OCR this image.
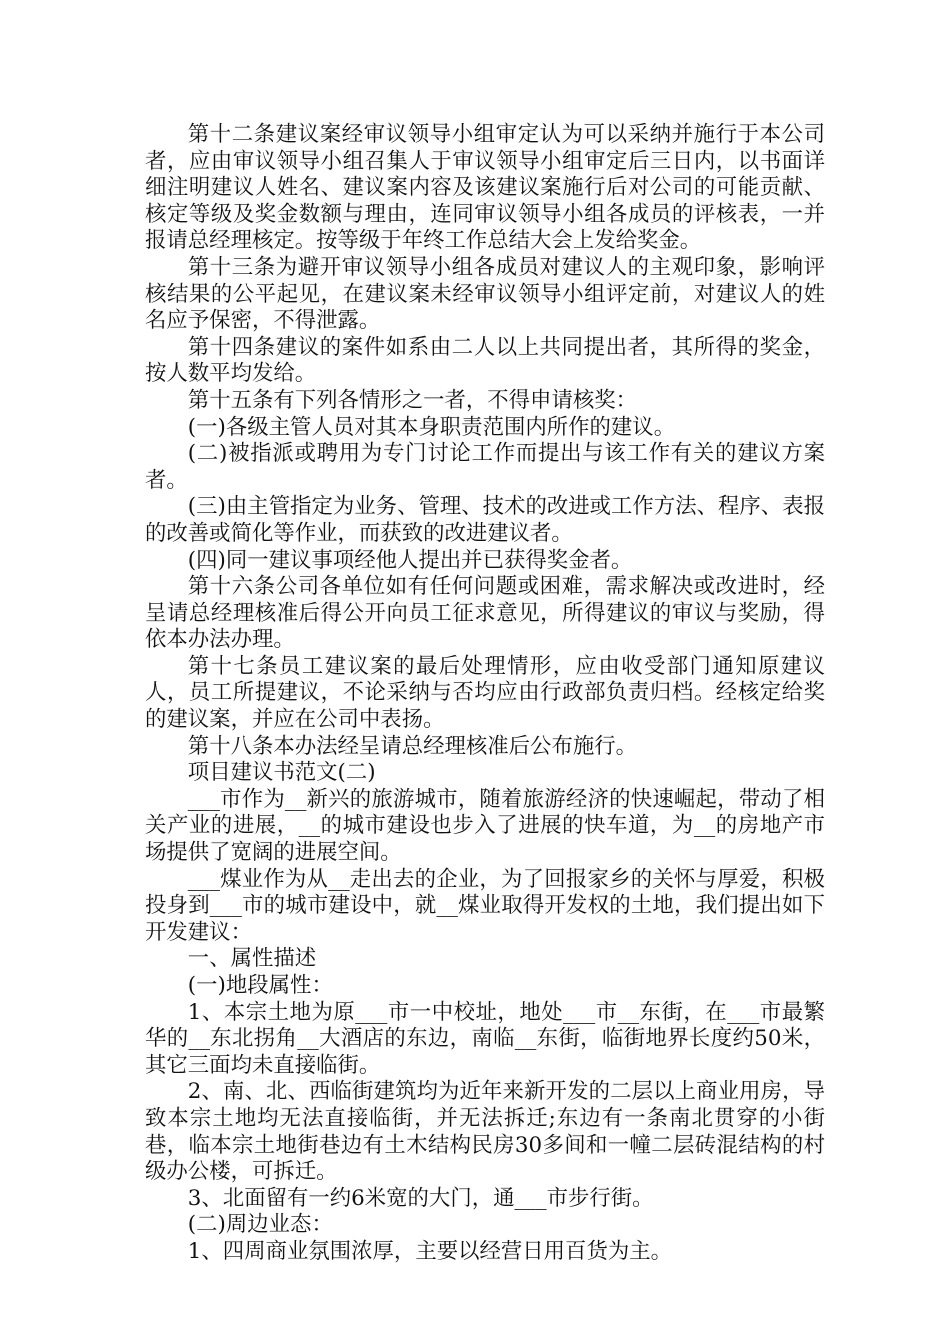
第十二条建议案经审议领导小组审定认为可以采纳并施行于本公司者，应由审议领导小组召集人于审议领导小组审定后三日内，以书面详细注明建议人姓名、建议案内容及该建议案施行后对公司的可能贡献、核定等级及奖金数额与理由，连同审议领导小组各成员的评核表，一并报请总经理核定。按等级于年终工作总结大会上发给奖金。

第十三条为避开审议领导小组各成员对建议人的主观印象，影响评核结果的公平起见，在建议案未经审议领导小组评定前，对建议人的姓名应予保密，不得泄露。

第十四条建议的案件如系由二人以上共同提出者，其所得的奖金，按人数平均发给。

第十五条有下列各情形之一者，不得申请核奖：

(一)各级主管人员对其本身职责范围内所作的建议。

(二)被指派或聘用为专门讨论工作而提出与该工作有关的建议方案者。

(三)由主管指定为业务、管理、技术的改进或工作方法、程序、表报的改善或简化等作业，而获致的改进建议者。

(四)同一建议事项经他人提出并已获得奖金者。

第十六条公司各单位如有任何问题或困难，需求解决或改进时，经呈请总经理核准后得公开向员工征求意见，所得建议的审议与奖励，得依本办法办理。

第十七条员工建议案的最后处理情形，应由收受部门通知原建议人，员工所提建议，不论采纳与否均应由行政部负责归档。经核定给奖的建议案，并应在公司中表扬。

第十八条本办法经呈请总经理核准后公布施行。

项目建议书范文(二)

___市作为__新兴的旅游城市，随着旅游经济的快速崛起，带动了相关产业的进展，__的城市建设也步入了进展的快车道，为__的房地产市场提供了宽阔的进展空间。

___煤业作为从__走出去的企业，为了回报家乡的关怀与厚爱，积极投身到___市的城市建设中，就__煤业取得开发权的土地，我们提出如下开发建议：

一、属性描述

(一)地段属性：

1、本宗土地为原___市一中校址，地处___市__东街，在___市最繁华的__东北拐角__大酒店的东边，南临__东街，临街地界长度约50米，其它三面均未直接临街。

2、南、北、西临街建筑均为近年来新开发的二层以上商业用房，导致本宗土地均无法直接临街，并无法拆迁;东边有一条南北贯穿的小街巷，临本宗土地街巷边有土木结构民房30多间和一幢二层砖混结构的村级办公楼，可拆迁。

3、北面留有一约6米宽的大门，通___市步行街。

(二)周边业态：

1、四周商业氛围浓厚，主要以经营日用百货为主。
